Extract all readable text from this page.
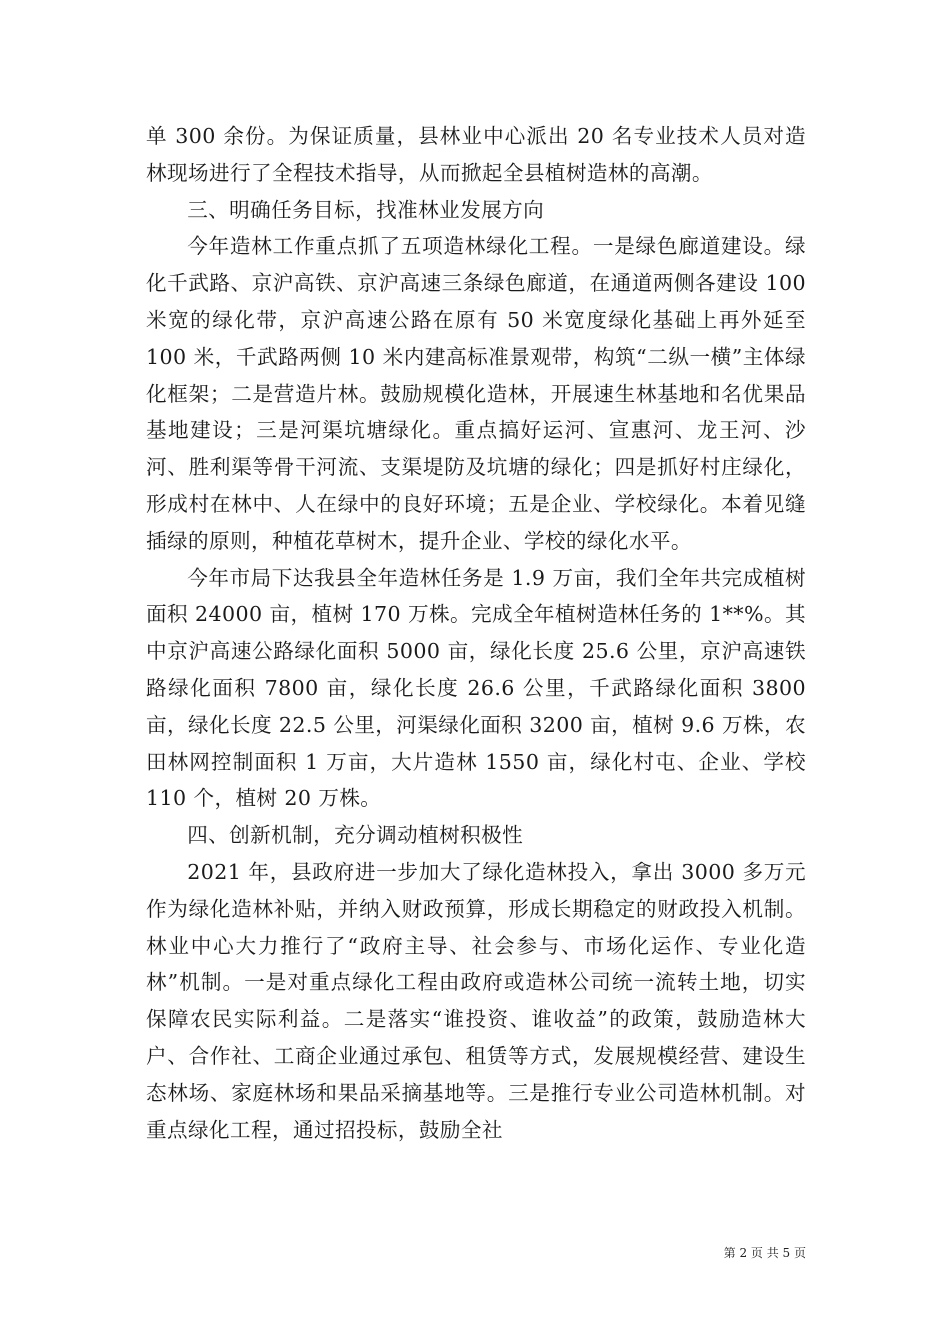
单 300 余份。为保证质量，县林业中心派出 20 名专业技术人员对造林现场进行了全程技术指导，从而掀起全县植树造林的高潮。

三、明确任务目标，找准林业发展方向

今年造林工作重点抓了五项造林绿化工程。一是绿色廊道建设。绿化千武路、京沪高铁、京沪高速三条绿色廊道，在通道两侧各建设 100 米宽的绿化带，京沪高速公路在原有 50 米宽度绿化基础上再外延至 100 米，千武路两侧 10 米内建高标准景观带，构筑“二纵一横”主体绿化框架；二是营造片林。鼓励规模化造林，开展速生林基地和名优果品基地建设；三是河渠坑塘绿化。重点搞好运河、宣惠河、龙王河、沙河、胜利渠等骨干河流、支渠堤防及坑塘的绿化；四是抓好村庄绿化，形成村在林中、人在绿中的良好环境；五是企业、学校绿化。本着见缝插绿的原则，种植花草树木，提升企业、学校的绿化水平。

今年市局下达我县全年造林任务是 1.9 万亩，我们全年共完成植树面积 24000 亩，植树 170 万株。完成全年植树造林任务的 1**%。其中京沪高速公路绿化面积 5000 亩，绿化长度 25.6 公里，京沪高速铁路绿化面积 7800 亩，绿化长度 26.6 公里，千武路绿化面积 3800 亩，绿化长度 22.5 公里，河渠绿化面积 3200 亩，植树 9.6 万株，农田林网控制面积 1 万亩，大片造林 1550 亩，绿化村屯、企业、学校 110 个，植树 20 万株。

四、创新机制，充分调动植树积极性

2021 年，县政府进一步加大了绿化造林投入，拿出 3000 多万元作为绿化造林补贴，并纳入财政预算，形成长期稳定的财政投入机制。林业中心大力推行了“政府主导、社会参与、市场化运作、专业化造林”机制。一是对重点绿化工程由政府或造林公司统一流转土地，切实保障农民实际利益。二是落实“谁投资、谁收益”的政策，鼓励造林大户、合作社、工商企业通过承包、租赁等方式，发展规模经营、建设生态林场、家庭林场和果品采摘基地等。三是推行专业公司造林机制。对重点绿化工程，通过招投标，鼓励全社

第 2 页 共 5 页
